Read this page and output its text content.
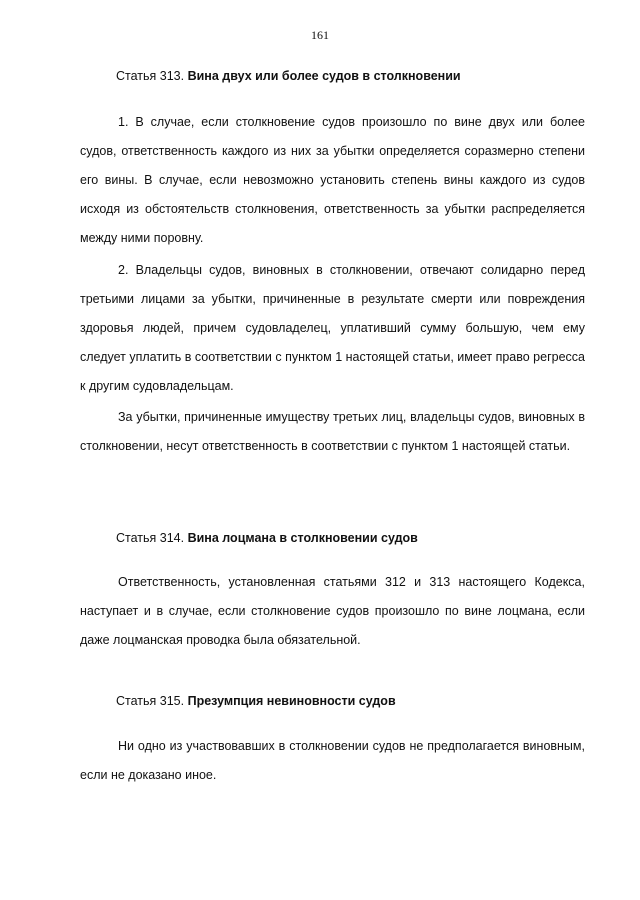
161
Статья 313. Вина двух или более судов в столкновении

1. В случае, если столкновение судов произошло по вине двух или более судов, ответственность каждого из них за убытки определяется соразмерно степени его вины. В случае, если невозможно установить степень вины каждого из судов исходя из обстоятельств столкновения, ответственность за убытки распределяется между ними поровну.

2. Владельцы судов, виновных в столкновении, отвечают солидарно перед третьими лицами за убытки, причиненные в результате смерти или повреждения здоровья людей, причем судовладелец, уплативший сумму большую, чем ему следует уплатить в соответствии с пунктом 1 настоящей статьи, имеет право регресса к другим судовладельцам.

За убытки, причиненные имуществу третьих лиц, владельцы судов, виновных в столкновении, несут ответственность в соответствии с пунктом 1 настоящей статьи.

Статья 314. Вина лоцмана в столкновении судов

Ответственность, установленная статьями 312 и 313 настоящего Кодекса, наступает и в случае, если столкновение судов произошло по вине лоцмана, если даже лоцманская проводка была обязательной.

Статья 315. Презумпция невиновности судов

Ни одно из участвовавших в столкновении судов не предполагается виновным, если не доказано иное.
